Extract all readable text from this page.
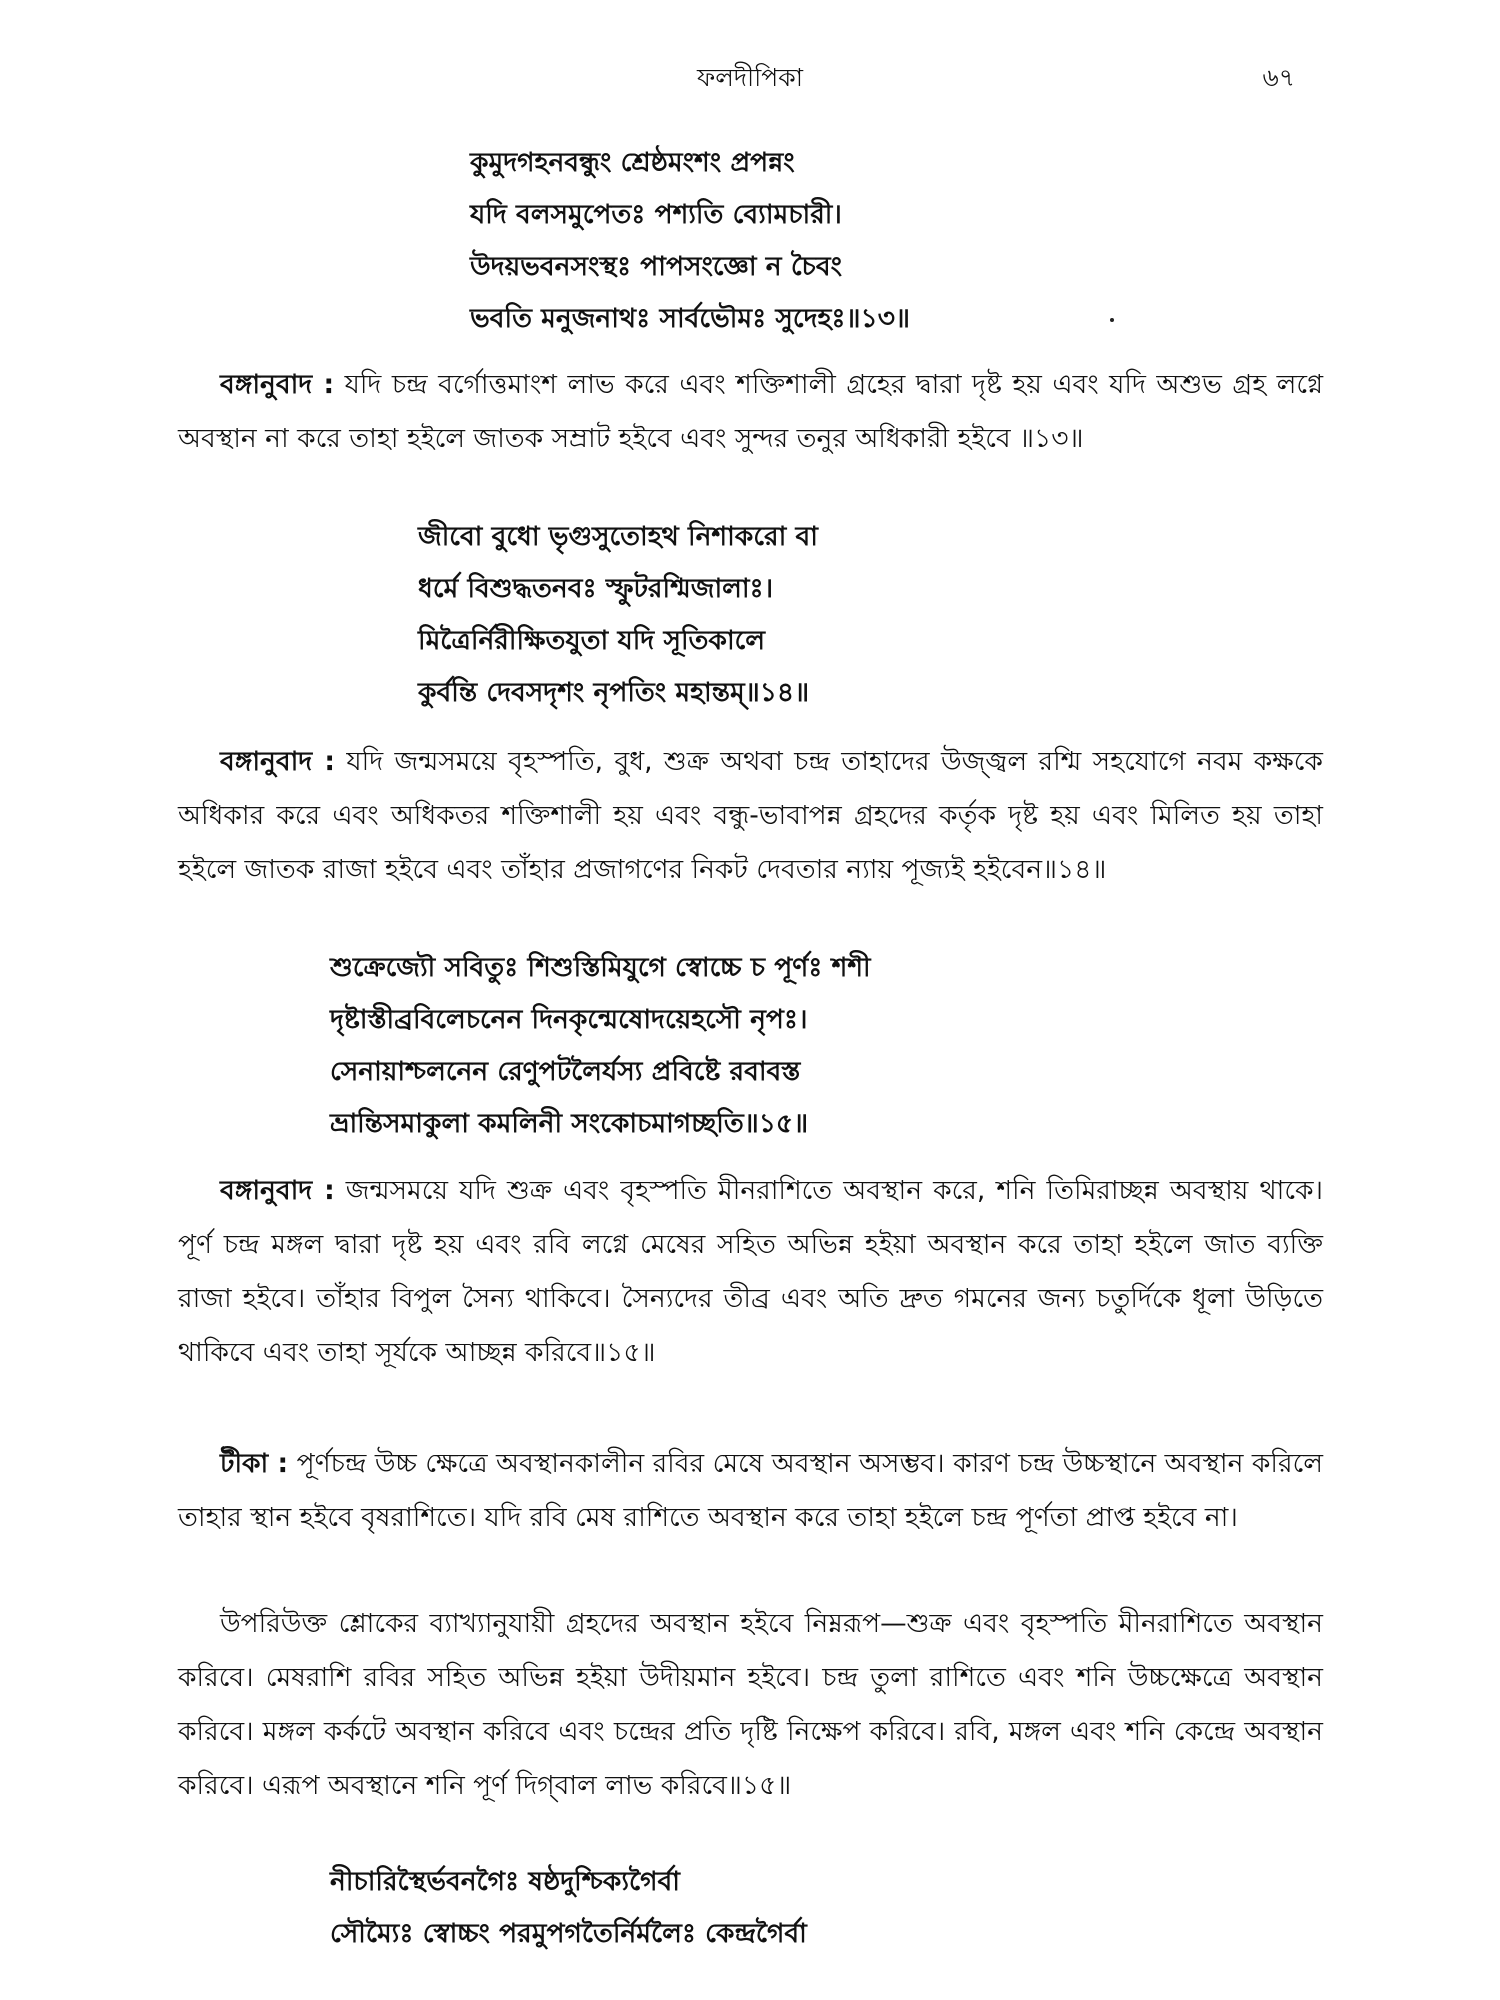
ফলদীপিকা	৬৭
কুমুদগহনবন্ধুং শ্রেষ্ঠমংশং প্রপন্নং
যদি বলসমুপেতঃ পশ্যতি ব্যোমচারী।
উদয়ভবনসংস্থঃ পাপসংজ্ঞো ন চৈবং
ভবতি মনুজনাথঃ সার্বভৌমঃ সুদেহঃ॥১৩॥
বঙ্গানুবাদ : যদি চন্দ্র বর্গোত্তমাংশ লাভ করে এবং শক্তিশালী গ্রহের দ্বারা দৃষ্ট হয় এবং যদি অশুভ গ্রহ লগ্নে অবস্থান না করে তাহা হইলে জাতক সম্রাট হইবে এবং সুন্দর তনুর অধিকারী হইবে ॥১৩॥
জীবো বুধো ভৃগুসুতোহথ নিশাকরো বা
ধর্মে বিশুদ্ধতনবঃ স্ফুটরশ্মিজালাঃ।
মিত্রৈর্নিরীক্ষিতযুতা যদি সূতিকালে
কুর্বন্তি দেবসদৃশং নৃপতিং মহান্তম্॥১৪॥
বঙ্গানুবাদ : যদি জন্মসময়ে বৃহস্পতি, বুধ, শুক্র অথবা চন্দ্র তাহাদের উজ্জ্বল রশ্মি সহযোগে নবম কক্ষকে অধিকার করে এবং অধিকতর শক্তিশালী হয় এবং বন্ধু-ভাবাপন্ন গ্রহদের কর্তৃক দৃষ্ট হয় এবং মিলিত হয় তাহা হইলে জাতক রাজা হইবে এবং তাঁহার প্রজাগণের নিকট দেবতার ন্যায় পূজ্যই হইবেন॥১৪॥
শুক্রেজ্যৌ সবিতুঃ শিশুস্তিমিযুগে স্বোচ্চে চ পূর্ণঃ শশী
দৃষ্টাস্তীব্রবিলেচনেন দিনকৃন্মেষোদয়েহসৌ নৃপঃ।
সেনায়াশ্চলনেন রেণুপটলৈর্যস্য প্রবিষ্টে রবাবস্ত
ভ্রান্তিসমাকুলা কমলিনী সংকোচমাগচ্ছতি॥১৫॥
বঙ্গানুবাদ : জন্মসময়ে যদি শুক্র এবং বৃহস্পতি মীনরাশিতে অবস্থান করে, শনি তিমিরাচ্ছন্ন অবস্থায় থাকে। পূর্ণ চন্দ্র মঙ্গল দ্বারা দৃষ্ট হয় এবং রবি লগ্নে মেষের সহিত অভিন্ন হইয়া অবস্থান করে তাহা হইলে জাত ব্যক্তি রাজা হইবে। তাঁহার বিপুল সৈন্য থাকিবে। সৈন্যদের তীব্র এবং অতি দ্রুত গমনের জন্য চতুর্দিকে ধূলা উড়িতে থাকিবে এবং তাহা সূর্যকে আচ্ছন্ন করিবে॥১৫॥
টীকা : পূর্ণচন্দ্র উচ্চ ক্ষেত্রে অবস্থানকালীন রবির মেষে অবস্থান অসম্ভব। কারণ চন্দ্র উচ্চস্থানে অবস্থান করিলে তাহার স্থান হইবে বৃষরাশিতে। যদি রবি মেষ রাশিতে অবস্থান করে তাহা হইলে চন্দ্র পূর্ণতা প্রাপ্ত হইবে না।
উপরিউক্ত শ্লোকের ব্যাখ্যানুযায়ী গ্রহদের অবস্থান হইবে নিম্নরূপ—শুক্র এবং বৃহস্পতি মীনরাশিতে অবস্থান করিবে। মেষরাশি রবির সহিত অভিন্ন হইয়া উদীয়মান হইবে। চন্দ্র তুলা রাশিতে এবং শনি উচ্চক্ষেত্রে অবস্থান করিবে। মঙ্গল কর্কটে অবস্থান করিবে এবং চন্দ্রের প্রতি দৃষ্টি নিক্ষেপ করিবে। রবি, মঙ্গল এবং শনি কেন্দ্রে অবস্থান করিবে। এরূপ অবস্থানে শনি পূর্ণ দিগ্‌বাল লাভ করিবে॥১৫॥
নীচারিস্থৈর্ভবনগৈঃ ষষ্ঠদুশ্চিক্যগৈর্বা
সৌম্যৈঃ স্বোচ্চং পরমুপগতৈর্নির্মলৈঃ কেন্দ্রগৈর্বা
